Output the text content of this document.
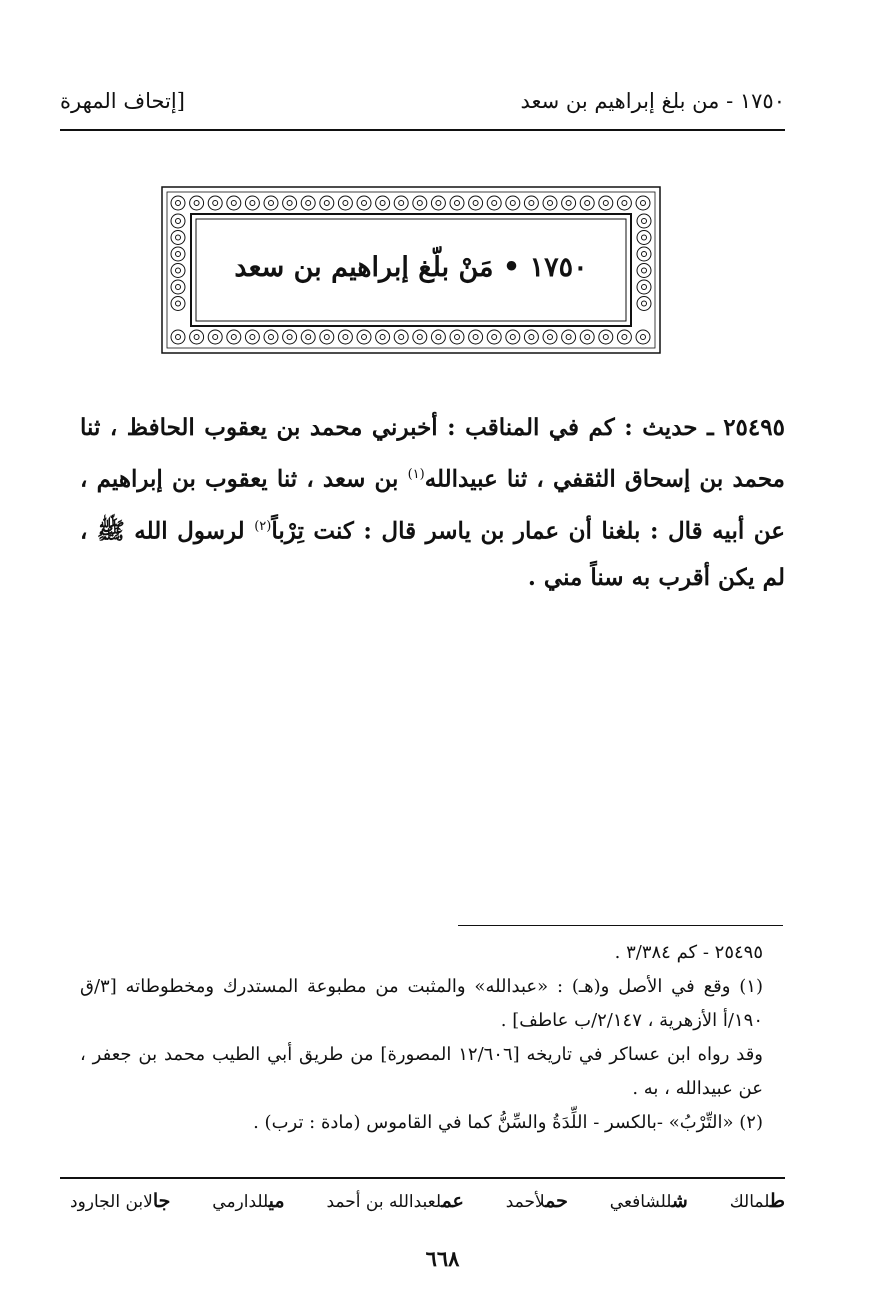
١٧٥٠ - من بلغ إبراهيم بن سعد
[إتحاف المهرة
١٧٥٠ • مَنْ بلّغ إبراهيم بن سعد
٢٥٤٩٥ ـ حديث : كم في المناقب : أخبرني محمد بن يعقوب الحافظ ، ثنا محمد بن إسحاق الثقفي ، ثنا عبيدالله$^{(١)}$ بن سعد ، ثنا يعقوب بن إبراهيم ، عن أبيه قال : بلغنا أن عمار بن ياسر قال : كنت تِرْباً$^{(٢)}$ لرسول الله ﷺ ، لم يكن أقرب به سناً مني .

٢٥٤٩٥ - كم ٣/٣٨٤ .

(١) وقع في الأصل و(هـ) : «عبدالله» والمثبت من مطبوعة المستدرك ومخطوطاته [٣/ق ١٩٠/أ الأزهرية ، ٢/١٤٧/ب عاطف] .

وقد رواه ابن عساكر في تاريخه [١٢/٦٠٦ المصورة] من طريق أبي الطيب محمد بن جعفر ، عن عبيدالله ، به .

(٢) «التِّرْبُ» -بالكسر - اللِّدَةُ والسِّنُّ كما في القاموس (مادة : ترب) .

طلمالك
شللشافعي
حملأحمد
عملعبدالله بن أحمد
ميللدارمي
جالابن الجارود
٦٦٨
